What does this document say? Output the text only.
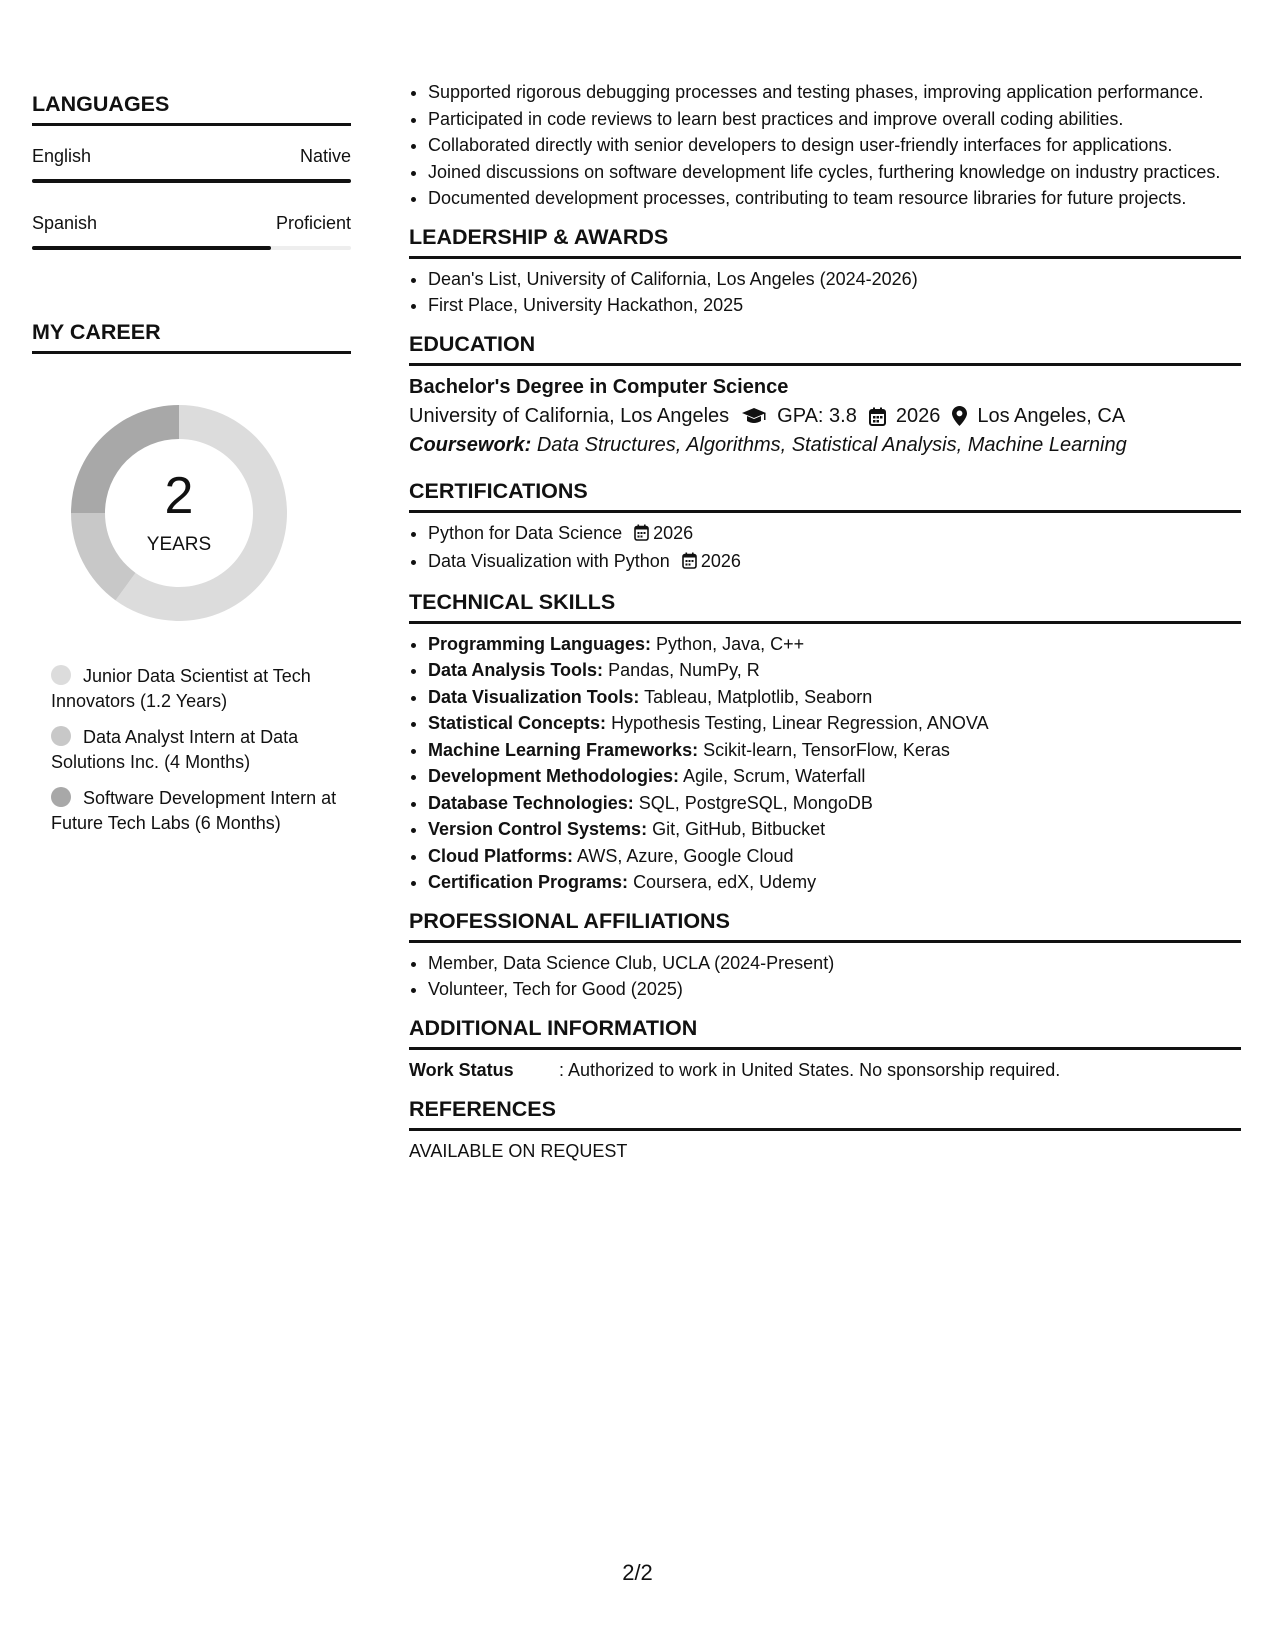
LANGUAGES
English	Native
Spanish	Proficient
MY CAREER
2
YEARS
Junior Data Scientist at Tech Innovators (1.2 Years)
Data Analyst Intern at Data Solutions Inc. (4 Months)
Software Development Intern at Future Tech Labs (6 Months)
• Supported rigorous debugging processes and testing phases, improving application performance.
• Participated in code reviews to learn best practices and improve overall coding abilities.
• Collaborated directly with senior developers to design user-friendly interfaces for applications.
• Joined discussions on software development life cycles, furthering knowledge on industry practices.
• Documented development processes, contributing to team resource libraries for future projects.
LEADERSHIP & AWARDS
• Dean's List, University of California, Los Angeles (2024-2026)
• First Place, University Hackathon, 2025
EDUCATION
Bachelor's Degree in Computer Science
University of California, Los Angeles GPA: 3.8 2026 Los Angeles, CA
Coursework: Data Structures, Algorithms, Statistical Analysis, Machine Learning
CERTIFICATIONS
• Python for Data Science 2026
• Data Visualization with Python 2026
TECHNICAL SKILLS
• Programming Languages: Python, Java, C++
• Data Analysis Tools: Pandas, NumPy, R
• Data Visualization Tools: Tableau, Matplotlib, Seaborn
• Statistical Concepts: Hypothesis Testing, Linear Regression, ANOVA
• Machine Learning Frameworks: Scikit-learn, TensorFlow, Keras
• Development Methodologies: Agile, Scrum, Waterfall
• Database Technologies: SQL, PostgreSQL, MongoDB
• Version Control Systems: Git, GitHub, Bitbucket
• Cloud Platforms: AWS, Azure, Google Cloud
• Certification Programs: Coursera, edX, Udemy
PROFESSIONAL AFFILIATIONS
• Member, Data Science Club, UCLA (2024-Present)
• Volunteer, Tech for Good (2025)
ADDITIONAL INFORMATION
Work Status	: Authorized to work in United States. No sponsorship required.
REFERENCES
AVAILABLE ON REQUEST
2/2
